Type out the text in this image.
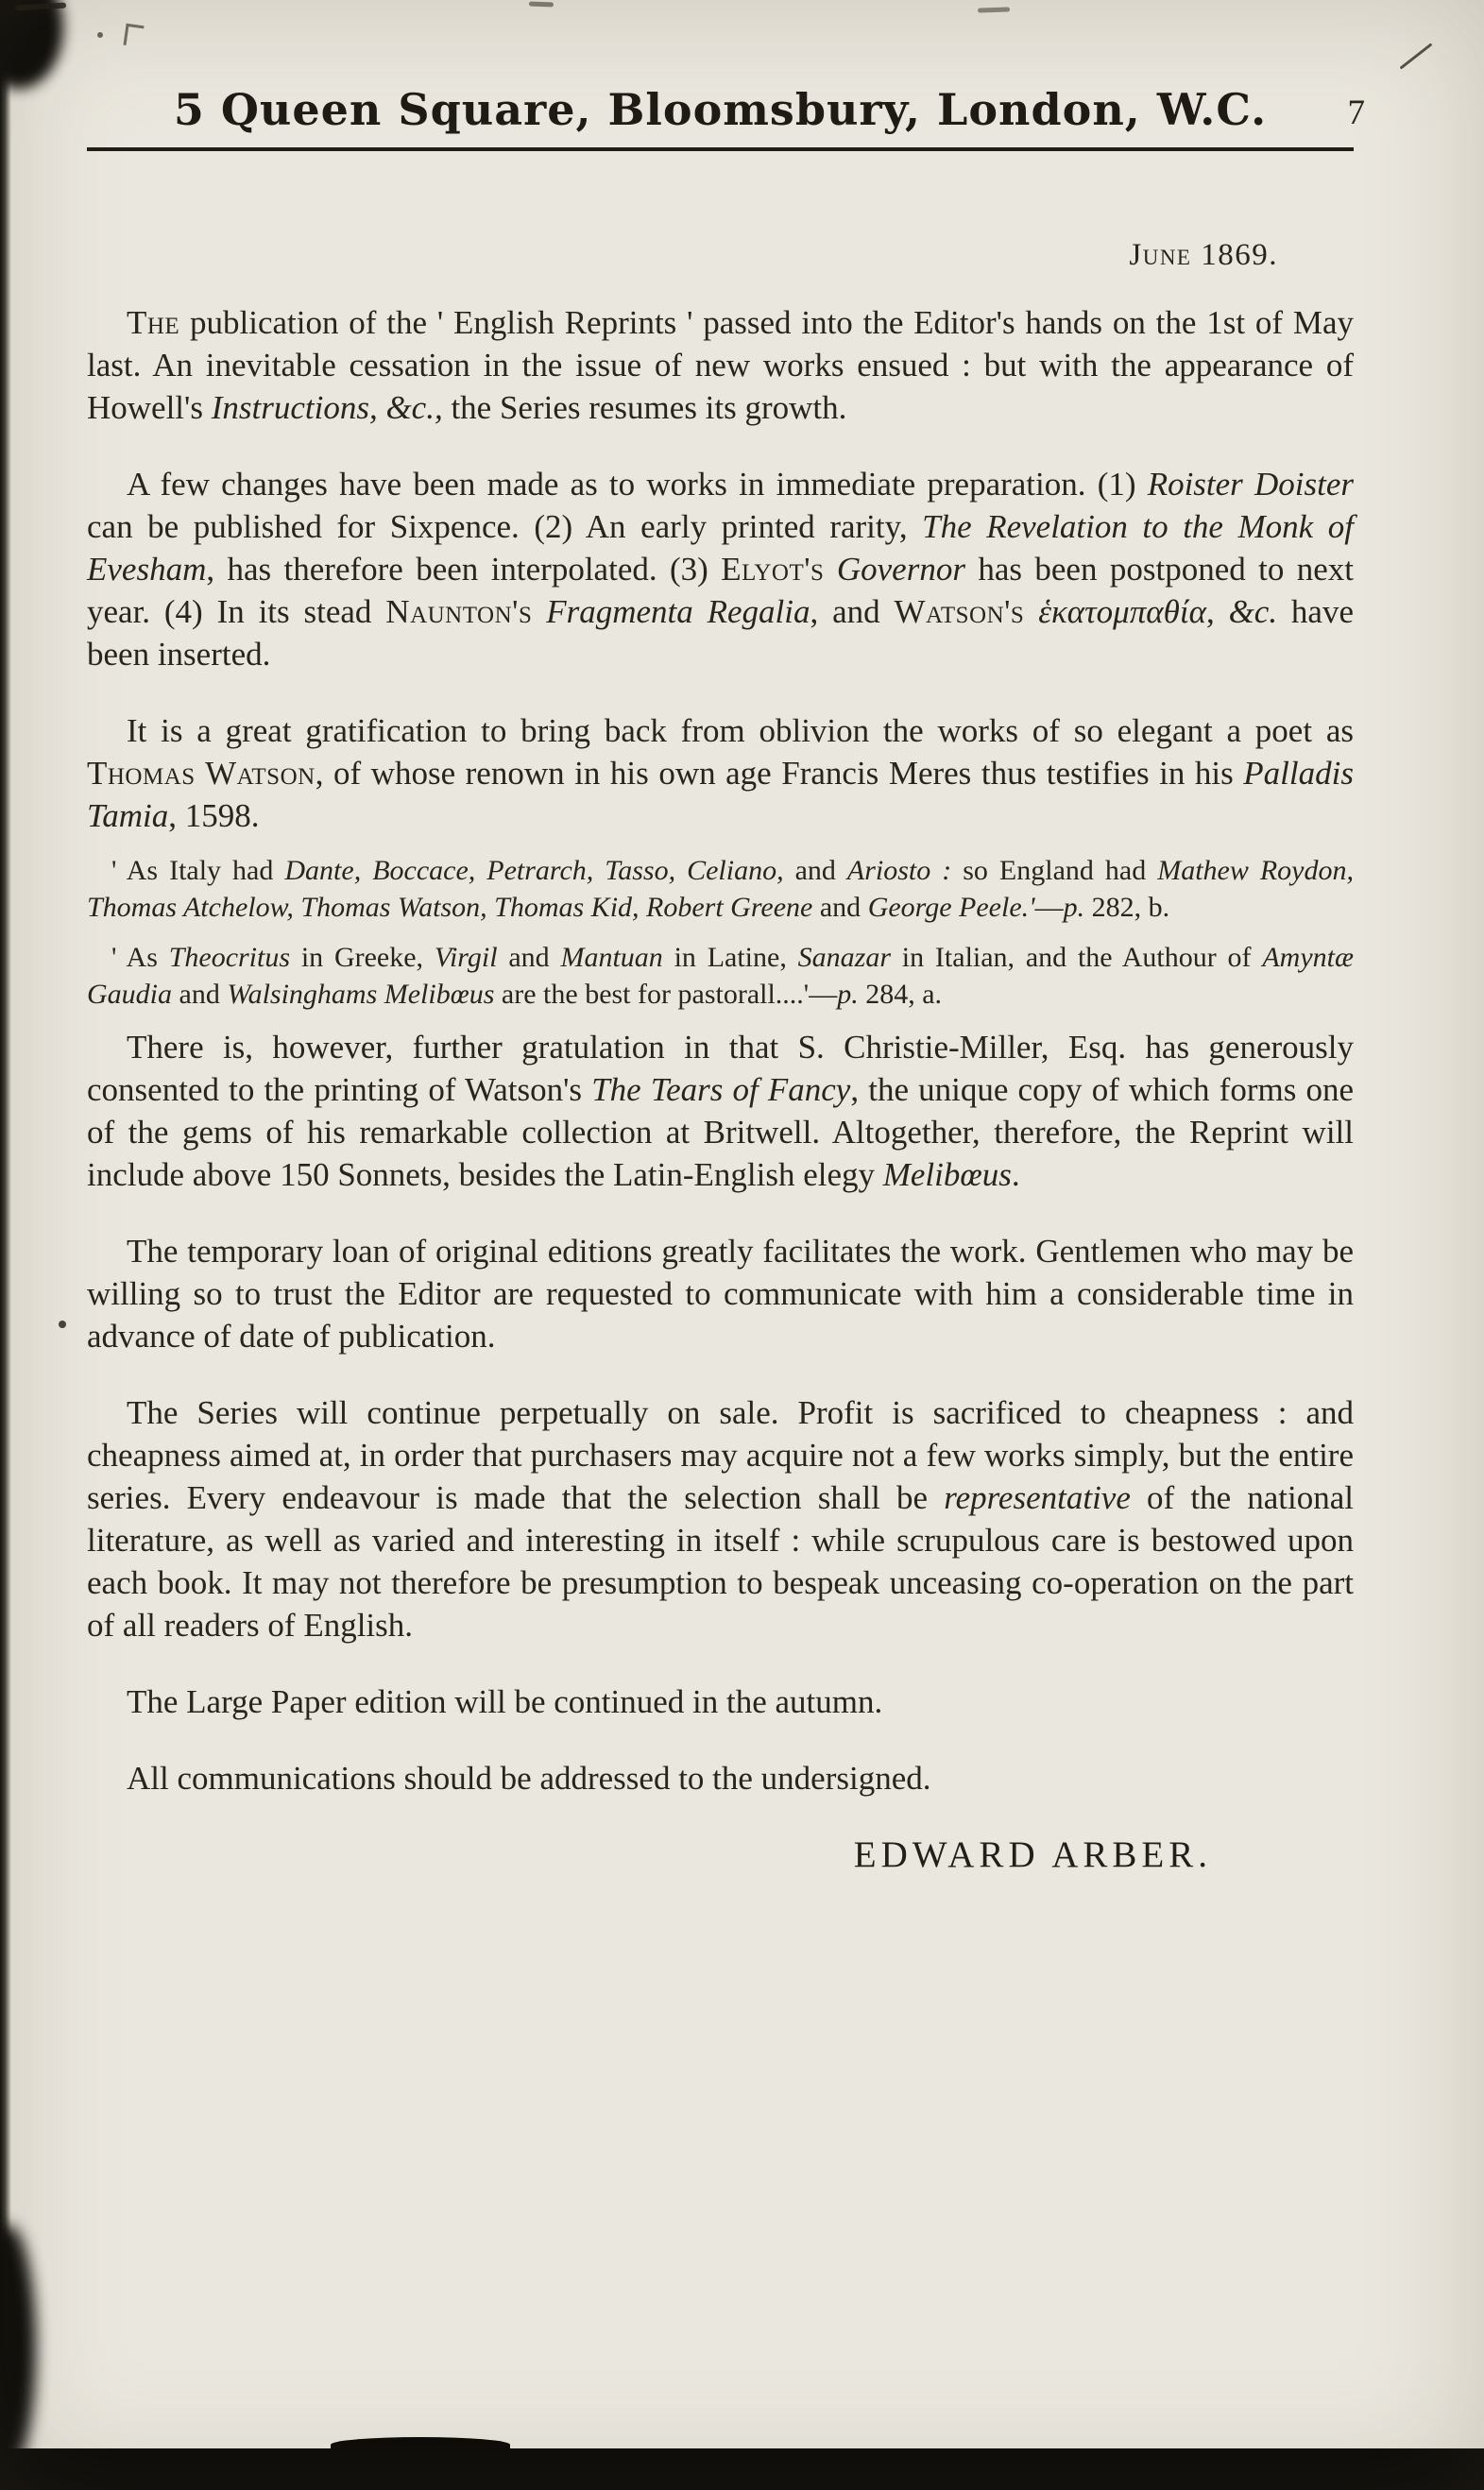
5 Queen Square, Bloomsbury, London, W.C.	7
June 1869.

The publication of the ' English Reprints ' passed into the Editor's hands on the 1st of May last. An inevitable cessation in the issue of new works ensued : but with the appearance of Howell's Instructions, &c., the Series resumes its growth.

A few changes have been made as to works in immediate preparation. (1) Roister Doister can be published for Sixpence. (2) An early printed rarity, The Revelation to the Monk of Evesham, has therefore been interpolated. (3) Elyot's Governor has been postponed to next year. (4) In its stead Naunton's Fragmenta Regalia, and Watson's ἑκατομπαθία, &c. have been inserted.

It is a great gratification to bring back from oblivion the works of so elegant a poet as Thomas Watson, of whose renown in his own age Francis Meres thus testifies in his Palladis Tamia, 1598.

' As Italy had Dante, Boccace, Petrarch, Tasso, Celiano, and Ariosto : so England had Mathew Roydon, Thomas Atchelow, Thomas Watson, Thomas Kid, Robert Greene and George Peele.'—p. 282, b.

' As Theocritus in Greeke, Virgil and Mantuan in Latine, Sanazar in Italian, and the Authour of Amyntæ Gaudia and Walsinghams Melibœus are the best for pastorall....'—p. 284, a.

There is, however, further gratulation in that S. Christie-Miller, Esq. has generously consented to the printing of Watson's The Tears of Fancy, the unique copy of which forms one of the gems of his remarkable collection at Britwell. Altogether, therefore, the Reprint will include above 150 Sonnets, besides the Latin-English elegy Melibœus.

The temporary loan of original editions greatly facilitates the work. Gentlemen who may be willing so to trust the Editor are requested to communicate with him a considerable time in advance of date of publication.

The Series will continue perpetually on sale. Profit is sacrificed to cheapness : and cheapness aimed at, in order that purchasers may acquire not a few works simply, but the entire series. Every endeavour is made that the selection shall be representative of the national literature, as well as varied and interesting in itself : while scrupulous care is bestowed upon each book. It may not therefore be presumption to bespeak unceasing co-operation on the part of all readers of English.

The Large Paper edition will be continued in the autumn.

All communications should be addressed to the undersigned.

EDWARD ARBER.
